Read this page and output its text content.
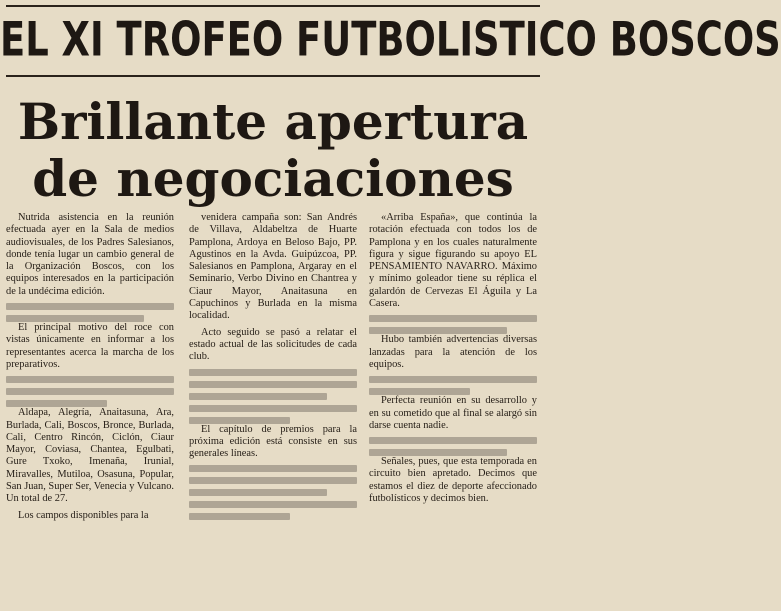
EL XI TROFEO FUTBOLISTICO BOSCOS
Brillante apertura
de negociaciones

Nutrida asistencia en la reunión efectuada ayer en la Sala de medios audiovisuales, de los Padres Salesianos, donde tenía lugar un cambio general de la Organización Boscos, con los equipos interesados en la participación de la undécima edición.

El principal motivo del roce con vistas únicamente en informar a los representantes acerca la marcha de los preparativos.

Aldapa, Alegría, Anaitasuna, Ara, Burlada, Cali, Boscos, Bronce, Burlada, Cali, Centro Rincón, Ciclón, Ciaur Mayor, Coviasa, Chantea, Egulbati, Gure Txoko, Imenaña, Irunial, Miravalles, Mutiloa, Osasuna, Popular, San Juan, Super Ser, Venecia y Vulcano. Un total de 27.

Los campos disponibles para la

venidera campaña son: San Andrés de Villava, Aldabeltza de Huarte Pamplona, Ardoya en Beloso Bajo, PP. Agustinos en la Avda. Guipúzcoa, PP. Salesianos en Pamplona, Argaray en el Seminario, Verbo Divino en Chantrea y Ciaur Mayor, Anaitasuna en Capuchinos y Burlada en la misma localidad.

Acto seguido se pasó a relatar el estado actual de las solicitudes de cada club.

El capítulo de premios para la próxima edición está consiste en sus generales líneas.

«Arriba España», que continúa la rotación efectuada con todos los de Pamplona y en los cuales naturalmente figura y sigue figurando su apoyo EL PENSAMIENTO NAVARRO. Máximo y mínimo goleador tiene su réplica el galardón de Cervezas El Águila y La Casera.

Hubo también advertencias diversas lanzadas para la atención de los equipos.

Perfecta reunión en su desarrollo y en su cometido que al final se alargó sin darse cuenta nadie.

Señales, pues, que esta temporada en circuito bien apretado. Decimos que estamos el diez de deporte afeccionado futbolísticos y decimos bien.
